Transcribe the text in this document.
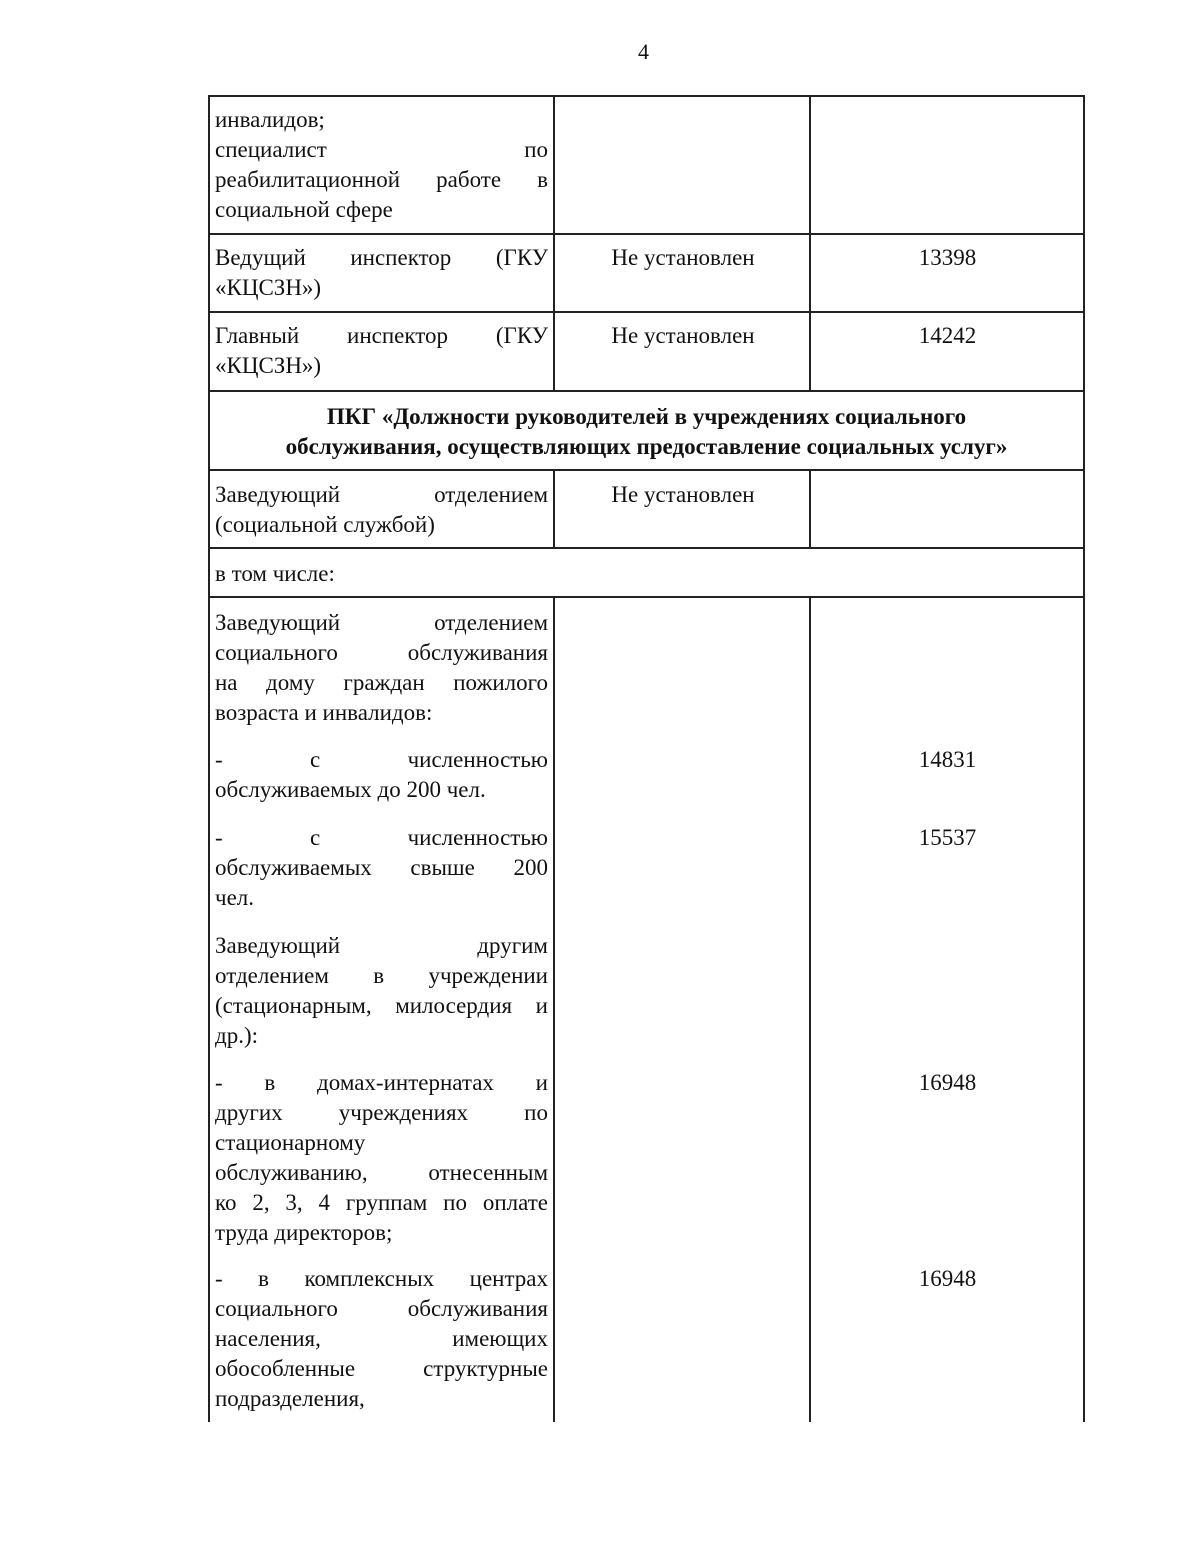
4
инвалидов;
специалист по
реабилитационной работе в
социальной сфере
Ведущий инспектор (ГКУ
«КЦСЗН»)
Не установлен	13398
Главный инспектор (ГКУ
«КЦСЗН»)
Не установлен	14242
ПКГ «Должности руководителей в учреждениях социального
обслуживания, осуществляющих предоставление социальных услуг»
Заведующий отделением
(социальной службой)
Не установлен
в том числе:
Заведующий отделением
социального обслуживания
на дому граждан пожилого
возраста и инвалидов:
- с численностью
обслуживаемых до 200 чел.
14831
- с численностью
обслуживаемых свыше 200
чел.
15537
Заведующий другим
отделением в учреждении
(стационарным, милосердия и
др.):
- в домах-интернатах и
других учреждениях по
стационарному
обслуживанию, отнесенным
ко 2, 3, 4 группам по оплате
труда директоров;
16948
- в комплексных центрах
социального обслуживания
населения, имеющих
обособленные структурные
подразделения,
16948
